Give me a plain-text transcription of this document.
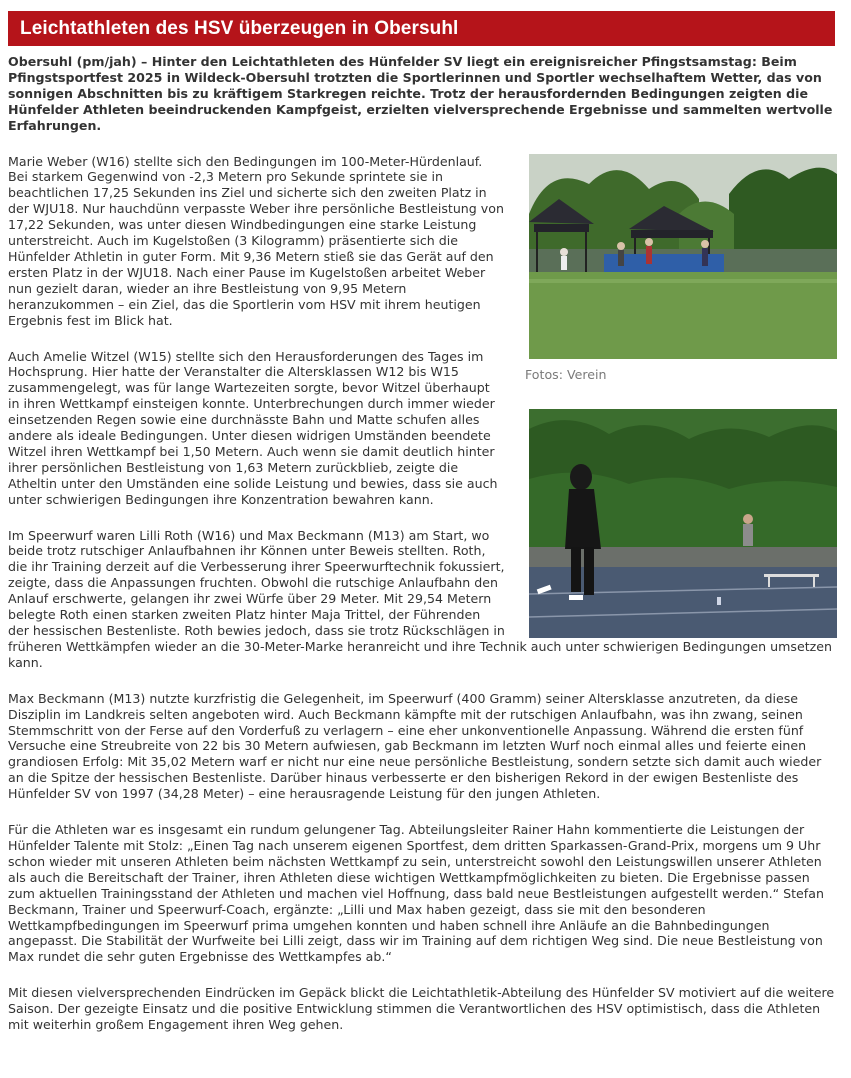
Leichtathleten des HSV überzeugen in Obersuhl

Obersuhl (pm/jah) – Hinter den Leichtathleten des Hünfelder SV liegt ein ereignisreicher Pfingstsamstag: Beim Pfingstsportfest 2025 in Wildeck-Obersuhl trotzten die Sportlerinnen und Sportler wechselhaftem Wetter, das von sonnigen Abschnitten bis zu kräftigem Starkregen reichte. Trotz der herausfordernden Bedingungen zeigten die Hünfelder Athleten beeindruckenden Kampfgeist, erzielten vielversprechende Ergebnisse und sammelten wertvolle Erfahrungen.

Fotos: Verein

Marie Weber (W16) stellte sich den Bedingungen im 100-Meter-Hürdenlauf. Bei starkem Gegenwind von -2,3 Metern pro Sekunde sprintete sie in beachtlichen 17,25 Sekunden ins Ziel und sicherte sich den zweiten Platz in der WJU18. Nur hauchdünn verpasste Weber ihre persönliche Bestleistung von 17,22 Sekunden, was unter diesen Windbedingungen eine starke Leistung unterstreicht. Auch im Kugelstoßen (3 Kilogramm) präsentierte sich die Hünfelder Athletin in guter Form. Mit 9,36 Metern stieß sie das Gerät auf den ersten Platz in der WJU18. Nach einer Pause im Kugelstoßen arbeitet Weber nun gezielt daran, wieder an ihre Bestleistung von 9,95 Metern heranzukommen – ein Ziel, das die Sportlerin vom HSV mit ihrem heutigen Ergebnis fest im Blick hat.

Auch Amelie Witzel (W15) stellte sich den Herausforderungen des Tages im Hochsprung. Hier hatte der Veranstalter die Altersklassen W12 bis W15 zusammengelegt, was für lange Wartezeiten sorgte, bevor Witzel überhaupt in ihren Wettkampf einsteigen konnte. Unterbrechungen durch immer wieder einsetzenden Regen sowie eine durchnässte Bahn und Matte schufen alles andere als ideale Bedingungen. Unter diesen widrigen Umständen beendete Witzel ihren Wettkampf bei 1,50 Metern. Auch wenn sie damit deutlich hinter ihrer persönlichen Bestleistung von 1,63 Metern zurückblieb, zeigte die Atheltin unter den Umständen eine solide Leistung und bewies, dass sie auch unter schwierigen Bedingungen ihre Konzentration bewahren kann.

Im Speerwurf waren Lilli Roth (W16) und Max Beckmann (M13) am Start, wo beide trotz rutschiger Anlaufbahnen ihr Können unter Beweis stellten. Roth, die ihr Training derzeit auf die Verbesserung ihrer Speerwurftechnik fokussiert, zeigte, dass die Anpassungen fruchten. Obwohl die rutschige Anlaufbahn den Anlauf erschwerte, gelangen ihr zwei Würfe über 29 Meter. Mit 29,54 Metern belegte Roth einen starken zweiten Platz hinter Maja Trittel, der Führenden der hessischen Bestenliste. Roth bewies jedoch, dass sie trotz Rückschlägen in früheren Wettkämpfen wieder an die 30-Meter-Marke heranreicht und ihre Technik auch unter schwierigen Bedingungen umsetzen kann.

Max Beckmann (M13) nutzte kurzfristig die Gelegenheit, im Speerwurf (400 Gramm) seiner Altersklasse anzutreten, da diese Disziplin im Landkreis selten angeboten wird. Auch Beckmann kämpfte mit der rutschigen Anlaufbahn, was ihn zwang, seinen Stemmschritt von der Ferse auf den Vorderfuß zu verlagern – eine eher unkonventionelle Anpassung. Während die ersten fünf Versuche eine Streubreite von 22 bis 30 Metern aufwiesen, gab Beckmann im letzten Wurf noch einmal alles und feierte einen grandiosen Erfolg: Mit 35,02 Metern warf er nicht nur eine neue persönliche Bestleistung, sondern setzte sich damit auch wieder an die Spitze der hessischen Bestenliste. Darüber hinaus verbesserte er den bisherigen Rekord in der ewigen Bestenliste des Hünfelder SV von 1997 (34,28 Meter) – eine herausragende Leistung für den jungen Athleten.

Für die Athleten war es insgesamt ein rundum gelungener Tag. Abteilungsleiter Rainer Hahn kommentierte die Leistungen der Hünfelder Talente mit Stolz: „Einen Tag nach unserem eigenen Sportfest, dem dritten Sparkassen-Grand-Prix, morgens um 9 Uhr schon wieder mit unseren Athleten beim nächsten Wettkampf zu sein, unterstreicht sowohl den Leistungswillen unserer Athleten als auch die Bereitschaft der Trainer, ihren Athleten diese wichtigen Wettkampfmöglichkeiten zu bieten. Die Ergebnisse passen zum aktuellen Trainingsstand der Athleten und machen viel Hoffnung, dass bald neue Bestleistungen aufgestellt werden.“ Stefan Beckmann, Trainer und Speerwurf-Coach, ergänzte: „Lilli und Max haben gezeigt, dass sie mit den besonderen Wettkampfbedingungen im Speerwurf prima umgehen konnten und haben schnell ihre Anläufe an die Bahnbedingungen angepasst. Die Stabilität der Wurfweite bei Lilli zeigt, dass wir im Training auf dem richtigen Weg sind. Die neue Bestleistung von Max rundet die sehr guten Ergebnisse des Wettkampfes ab.“

Mit diesen vielversprechenden Eindrücken im Gepäck blickt die Leichtathletik-Abteilung des Hünfelder SV motiviert auf die weitere Saison. Der gezeigte Einsatz und die positive Entwicklung stimmen die Verantwortlichen des HSV optimistisch, dass die Athleten mit weiterhin großem Engagement ihren Weg gehen.
